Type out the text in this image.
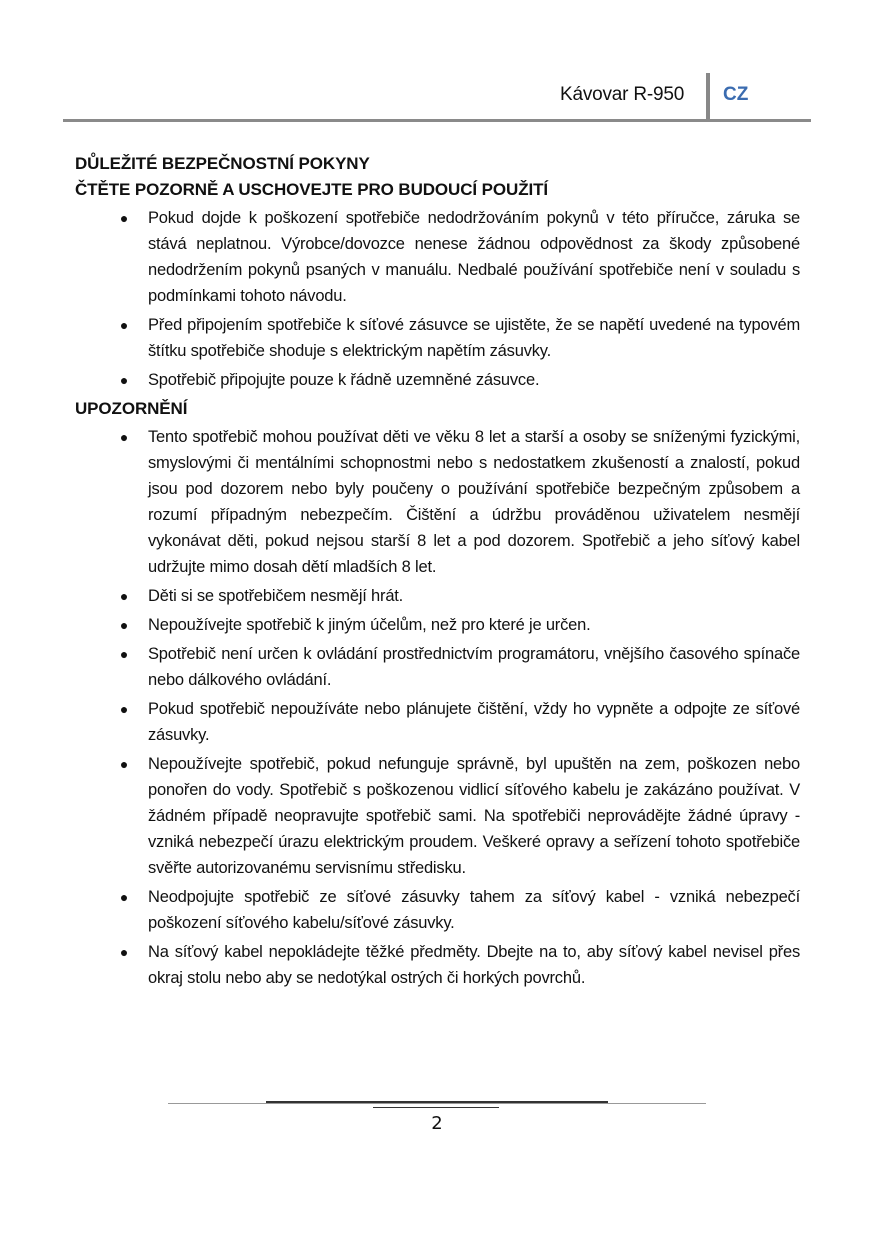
Kávovar R-950 CZ
DŮLEŽITÉ BEZPEČNOSTNÍ POKYNY
ČTĚTE POZORNĚ A USCHOVEJTE PRO BUDOUCÍ POUŽITÍ
● Pokud dojde k poškození spotřebiče nedodržováním pokynů v této příručce, záruka se stává neplatnou. Výrobce/dovozce nenese žádnou odpovědnost za škody způsobené nedodržením pokynů psaných v manuálu. Nedbalé používání spotřebiče není v souladu s podmínkami tohoto návodu.
● Před připojením spotřebiče k síťové zásuvce se ujistěte, že se napětí uvedené na typovém štítku spotřebiče shoduje s elektrickým napětím zásuvky.
● Spotřebič připojujte pouze k řádně uzemněné zásuvce.
UPOZORNĚNÍ
● Tento spotřebič mohou používat děti ve věku 8 let a starší a osoby se sníženými fyzickými, smyslovými či mentálními schopnostmi nebo s nedostatkem zkušeností a znalostí, pokud jsou pod dozorem nebo byly poučeny o používání spotřebiče bezpečným způsobem a rozumí případným nebezpečím. Čištění a údržbu prováděnou uživatelem nesmějí vykonávat děti, pokud nejsou starší 8 let a pod dozorem. Spotřebič a jeho síťový kabel udržujte mimo dosah dětí mladších 8 let.
● Děti si se spotřebičem nesmějí hrát.
● Nepoužívejte spotřebič k jiným účelům, než pro které je určen.
● Spotřebič není určen k ovládání prostřednictvím programátoru, vnějšího časového spínače nebo dálkového ovládání.
● Pokud spotřebič nepoužíváte nebo plánujete čištění, vždy ho vypněte a odpojte ze síťové zásuvky.
● Nepoužívejte spotřebič, pokud nefunguje správně, byl upuštěn na zem, poškozen nebo ponořen do vody. Spotřebič s poškozenou vidlicí síťového kabelu je zakázáno používat. V žádném případě neopravujte spotřebič sami. Na spotřebiči neprovádějte žádné úpravy - vzniká nebezpečí úrazu elektrickým proudem. Veškeré opravy a seřízení tohoto spotřebiče svěřte autorizovanému servisnímu středisku.
● Neodpojujte spotřebič ze síťové zásuvky tahem za síťový kabel - vzniká nebezpečí poškození síťového kabelu/síťové zásuvky.
● Na síťový kabel nepokládejte těžké předměty. Dbejte na to, aby síťový kabel nevisel přes okraj stolu nebo aby se nedotýkal ostrých či horkých povrchů.
2
